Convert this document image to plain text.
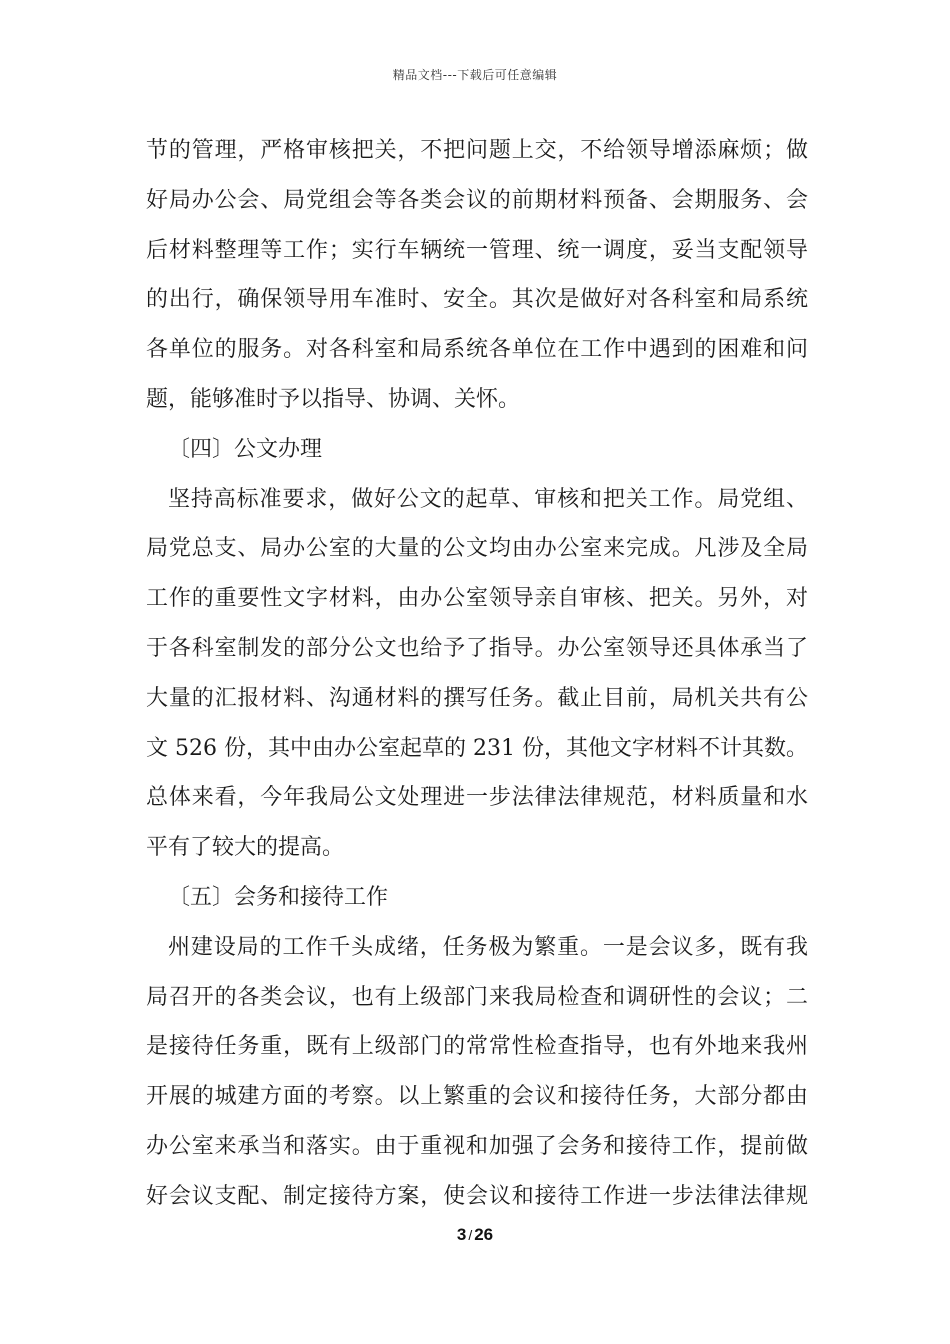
精品文档---下载后可任意编辑
节的管理，严格审核把关，不把问题上交，不给领导增添麻烦；做
好局办公会、局党组会等各类会议的前期材料预备、会期服务、会
后材料整理等工作；实行车辆统一管理、统一调度，妥当支配领导
的出行，确保领导用车准时、安全。其次是做好对各科室和局系统
各单位的服务。对各科室和局系统各单位在工作中遇到的困难和问
题，能够准时予以指导、协调、关怀。
〔四〕公文办理
坚持高标准要求，做好公文的起草、审核和把关工作。局党组、
局党总支、局办公室的大量的公文均由办公室来完成。凡涉及全局
工作的重要性文字材料，由办公室领导亲自审核、把关。另外，对
于各科室制发的部分公文也给予了指导。办公室领导还具体承当了
大量的汇报材料、沟通材料的撰写任务。截止目前，局机关共有公
文 526 份，其中由办公室起草的 231 份，其他文字材料不计其数。
总体来看，今年我局公文处理进一步法律法律规范，材料质量和水
平有了较大的提高。
〔五〕会务和接待工作
州建设局的工作千头成绪，任务极为繁重。一是会议多，既有我
局召开的各类会议，也有上级部门来我局检查和调研性的会议；二
是接待任务重，既有上级部门的常常性检查指导，也有外地来我州
开展的城建方面的考察。以上繁重的会议和接待任务，大部分都由
办公室来承当和落实。由于重视和加强了会务和接待工作，提前做
好会议支配、制定接待方案，使会议和接待工作进一步法律法律规
3 / 26
